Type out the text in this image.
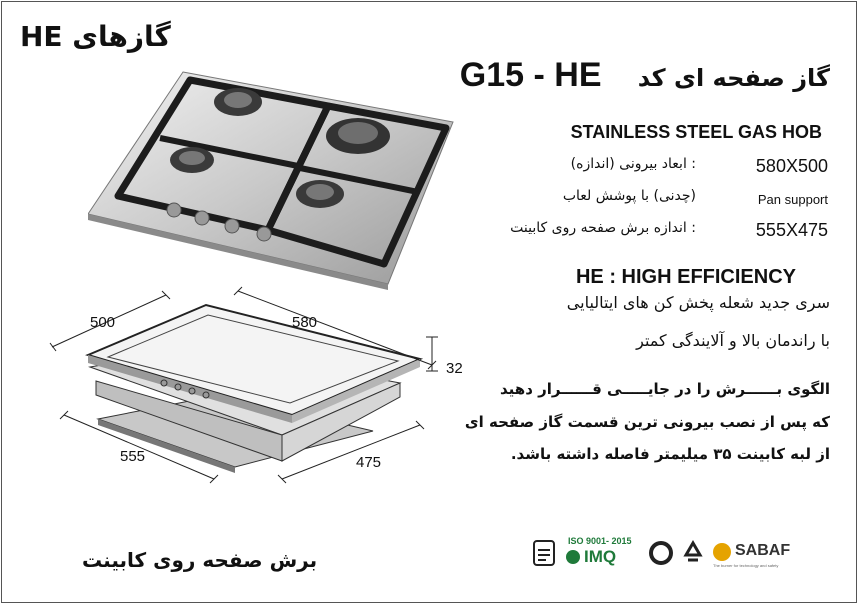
گازهای HE
G15 - HE گاز صفحه ای کد
STAINLESS STEEL GAS HOB
: ابعاد بیرونی (اندازه)	580X500
(چدنی) با پوشش لعاب	Pan support
: اندازه برش صفحه روی کابینت	555X475
HE : HIGH EFFICIENCY
سری جدید شعله پخش کن های ایتالیایی
با راندمان بالا و آلایندگی کمتر
الگوی بــــــرش را در جایـــــی قــــــرار دهید
که پس از نصب بیرونی ترین قسمت گاز صفحه ای
از لبه کابینت ۳۵ میلیمتر فاصله داشته باشد.
500	580
32
555	475
برش صفحه روی کابینت
ISO 9001- 2015
IMQ	SABAF
The burner for technology and safety
